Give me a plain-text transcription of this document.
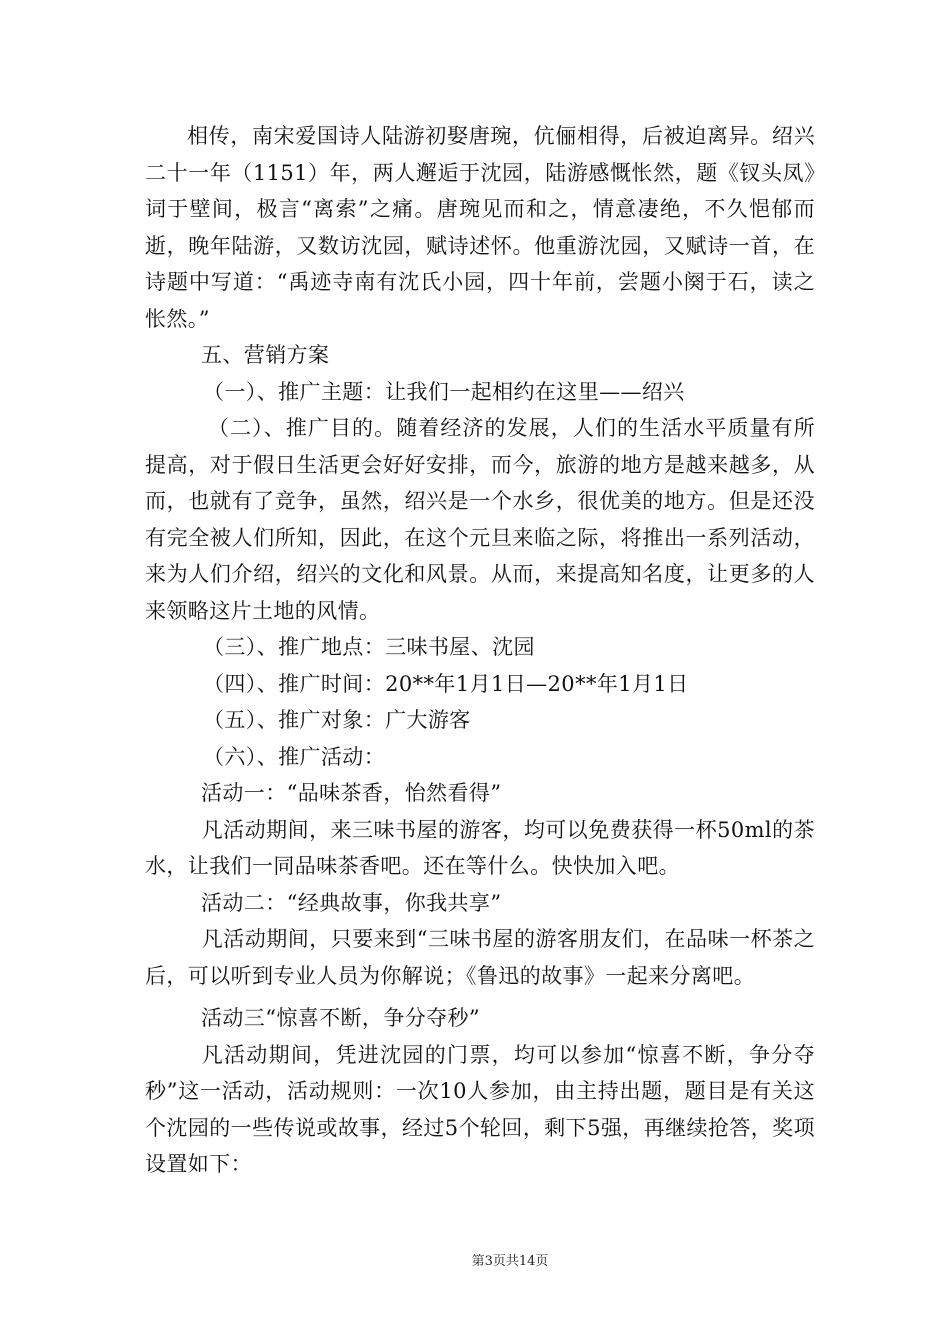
相传，南宋爱国诗人陆游初娶唐琬，伉俪相得，后被迫离异。绍兴二十一年（1151）年，两人邂逅于沈园，陆游感慨怅然，题《钗头凤》词于壁间，极言“离索”之痛。唐琬见而和之，情意凄绝，不久悒郁而逝，晚年陆游，又数访沈园，赋诗述怀。他重游沈园，又赋诗一首，在诗题中写道：“禹迹寺南有沈氏小园，四十年前，尝题小阕于石，读之怅然。”

五、营销方案

（一）、推广主题：让我们一起相约在这里——绍兴

（二）、推广目的。随着经济的发展，人们的生活水平质量有所提高，对于假日生活更会好好安排，而今，旅游的地方是越来越多，从而，也就有了竞争，虽然，绍兴是一个水乡，很优美的地方。但是还没有完全被人们所知，因此，在这个元旦来临之际，将推出一系列活动，来为人们介绍，绍兴的文化和风景。从而，来提高知名度，让更多的人来领略这片土地的风情。

（三）、推广地点：三味书屋、沈园

（四）、推广时间：20**年1月1日—20**年1月1日

（五）、推广对象：广大游客

（六）、推广活动：

活动一：“品味茶香，怡然看得”

凡活动期间，来三味书屋的游客，均可以免费获得一杯50ml的茶水，让我们一同品味茶香吧。还在等什么。快快加入吧。

活动二：“经典故事，你我共享”

凡活动期间，只要来到“三味书屋的游客朋友们，在品味一杯茶之后，可以听到专业人员为你解说；《鲁迅的故事》一起来分离吧。

活动三“惊喜不断，争分夺秒”

凡活动期间，凭进沈园的门票，均可以参加“惊喜不断，争分夺秒”这一活动，活动规则：一次10人参加，由主持出题，题目是有关这个沈园的一些传说或故事，经过5个轮回，剩下5强，再继续抢答，奖项设置如下：

第3页共14页
